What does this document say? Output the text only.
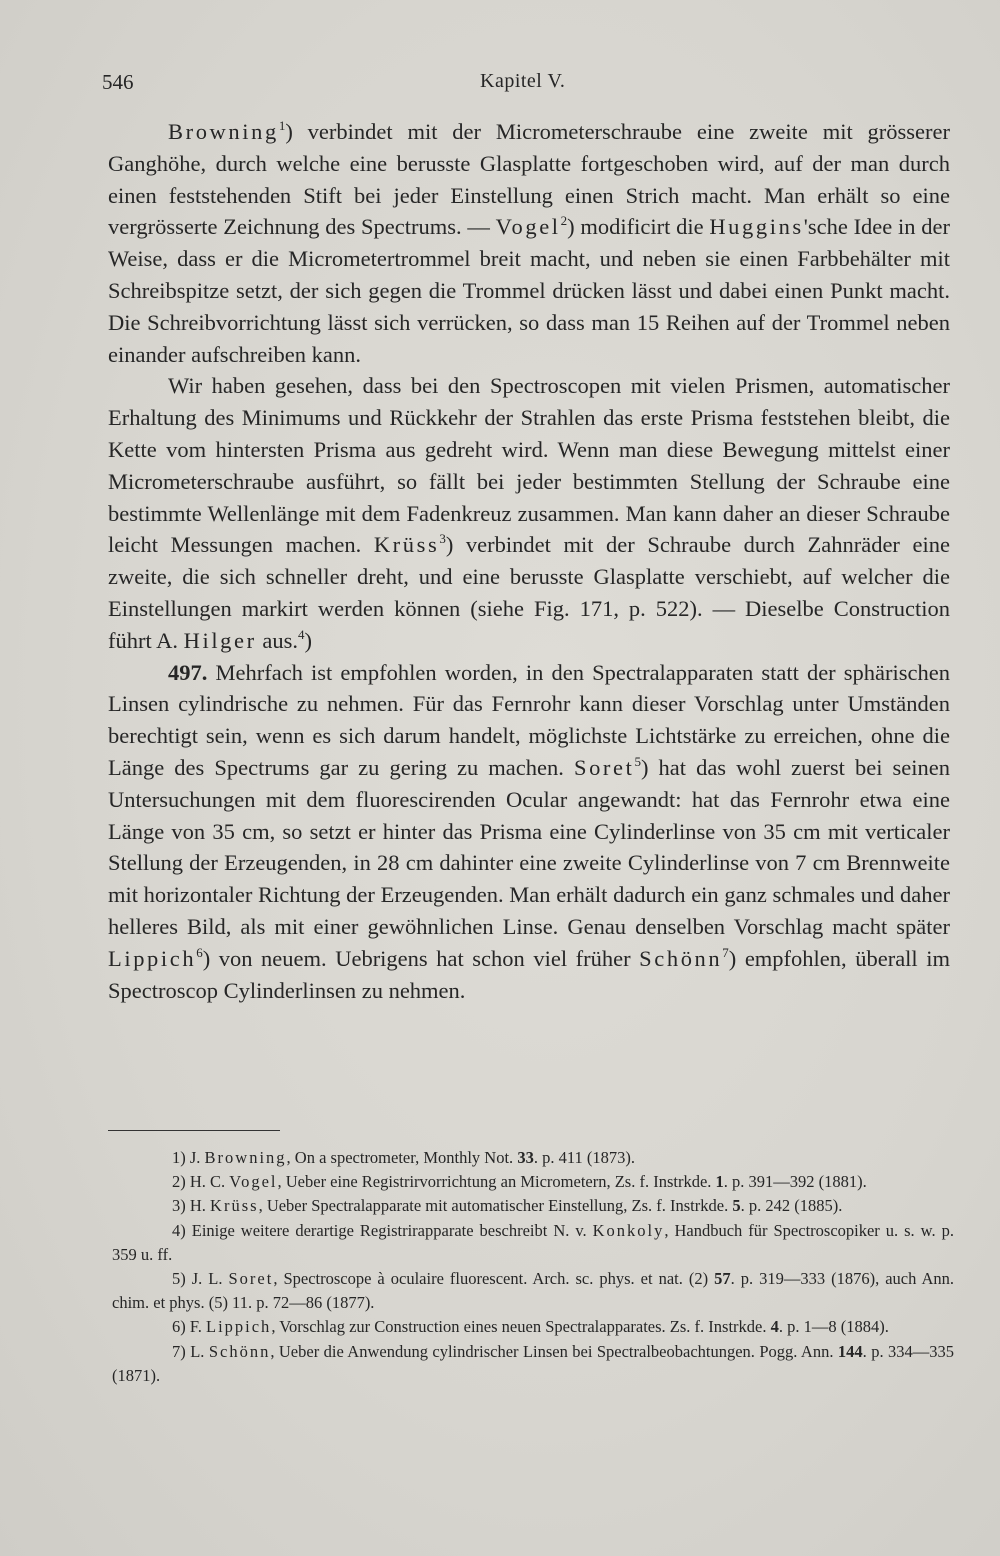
546	Kapitel V.

Browning$^1$) verbindet mit der Micrometerschraube eine zweite mit grösserer Ganghöhe, durch welche eine berusste Glasplatte fortgeschoben wird, auf der man durch einen feststehenden Stift bei jeder Einstellung einen Strich macht. Man erhält so eine vergrösserte Zeichnung des Spectrums. — Vogel$^2$) modificirt die Huggins'sche Idee in der Weise, dass er die Micrometertrommel breit macht, und neben sie einen Farbbehälter mit Schreibspitze setzt, der sich gegen die Trommel drücken lässt und dabei einen Punkt macht. Die Schreibvorrichtung lässt sich verrücken, so dass man 15 Reihen auf der Trommel neben einander aufschreiben kann.

Wir haben gesehen, dass bei den Spectroscopen mit vielen Prismen, automatischer Erhaltung des Minimums und Rückkehr der Strahlen das erste Prisma feststehen bleibt, die Kette vom hintersten Prisma aus gedreht wird. Wenn man diese Bewegung mittelst einer Micrometerschraube ausführt, so fällt bei jeder bestimmten Stellung der Schraube eine bestimmte Wellenlänge mit dem Fadenkreuz zusammen. Man kann daher an dieser Schraube leicht Messungen machen. Krüss$^3$) verbindet mit der Schraube durch Zahnräder eine zweite, die sich schneller dreht, und eine berusste Glasplatte verschiebt, auf welcher die Einstellungen markirt werden können (siehe Fig. 171, p. 522). — Dieselbe Construction führt A. Hilger aus.$^4$)

497. Mehrfach ist empfohlen worden, in den Spectralapparaten statt der sphärischen Linsen cylindrische zu nehmen. Für das Fernrohr kann dieser Vorschlag unter Umständen berechtigt sein, wenn es sich darum handelt, möglichste Lichtstärke zu erreichen, ohne die Länge des Spectrums gar zu gering zu machen. Soret$^5$) hat das wohl zuerst bei seinen Untersuchungen mit dem fluorescirenden Ocular angewandt: hat das Fernrohr etwa eine Länge von 35 cm, so setzt er hinter das Prisma eine Cylinderlinse von 35 cm mit verticaler Stellung der Erzeugenden, in 28 cm dahinter eine zweite Cylinderlinse von 7 cm Brennweite mit horizontaler Richtung der Erzeugenden. Man erhält dadurch ein ganz schmales und daher helleres Bild, als mit einer gewöhnlichen Linse. Genau denselben Vorschlag macht später Lippich$^6$) von neuem. Uebrigens hat schon viel früher Schönn$^7$) empfohlen, überall im Spectroscop Cylinderlinsen zu nehmen.

1) J. Browning, On a spectrometer, Monthly Not. 33. p. 411 (1873).

2) H. C. Vogel, Ueber eine Registrirvorrichtung an Micrometern, Zs. f. Instrkde. 1. p. 391—392 (1881).

3) H. Krüss, Ueber Spectralapparate mit automatischer Einstellung, Zs. f. Instrkde. 5. p. 242 (1885).

4) Einige weitere derartige Registrirapparate beschreibt N. v. Konkoly, Handbuch für Spectroscopiker u. s. w. p. 359 u. ff.

5) J. L. Soret, Spectroscope à oculaire fluorescent. Arch. sc. phys. et nat. (2) 57. p. 319—333 (1876), auch Ann. chim. et phys. (5) 11. p. 72—86 (1877).

6) F. Lippich, Vorschlag zur Construction eines neuen Spectralapparates. Zs. f. Instrkde. 4. p. 1—8 (1884).

7) L. Schönn, Ueber die Anwendung cylindrischer Linsen bei Spectralbeobachtungen. Pogg. Ann. 144. p. 334—335 (1871).
